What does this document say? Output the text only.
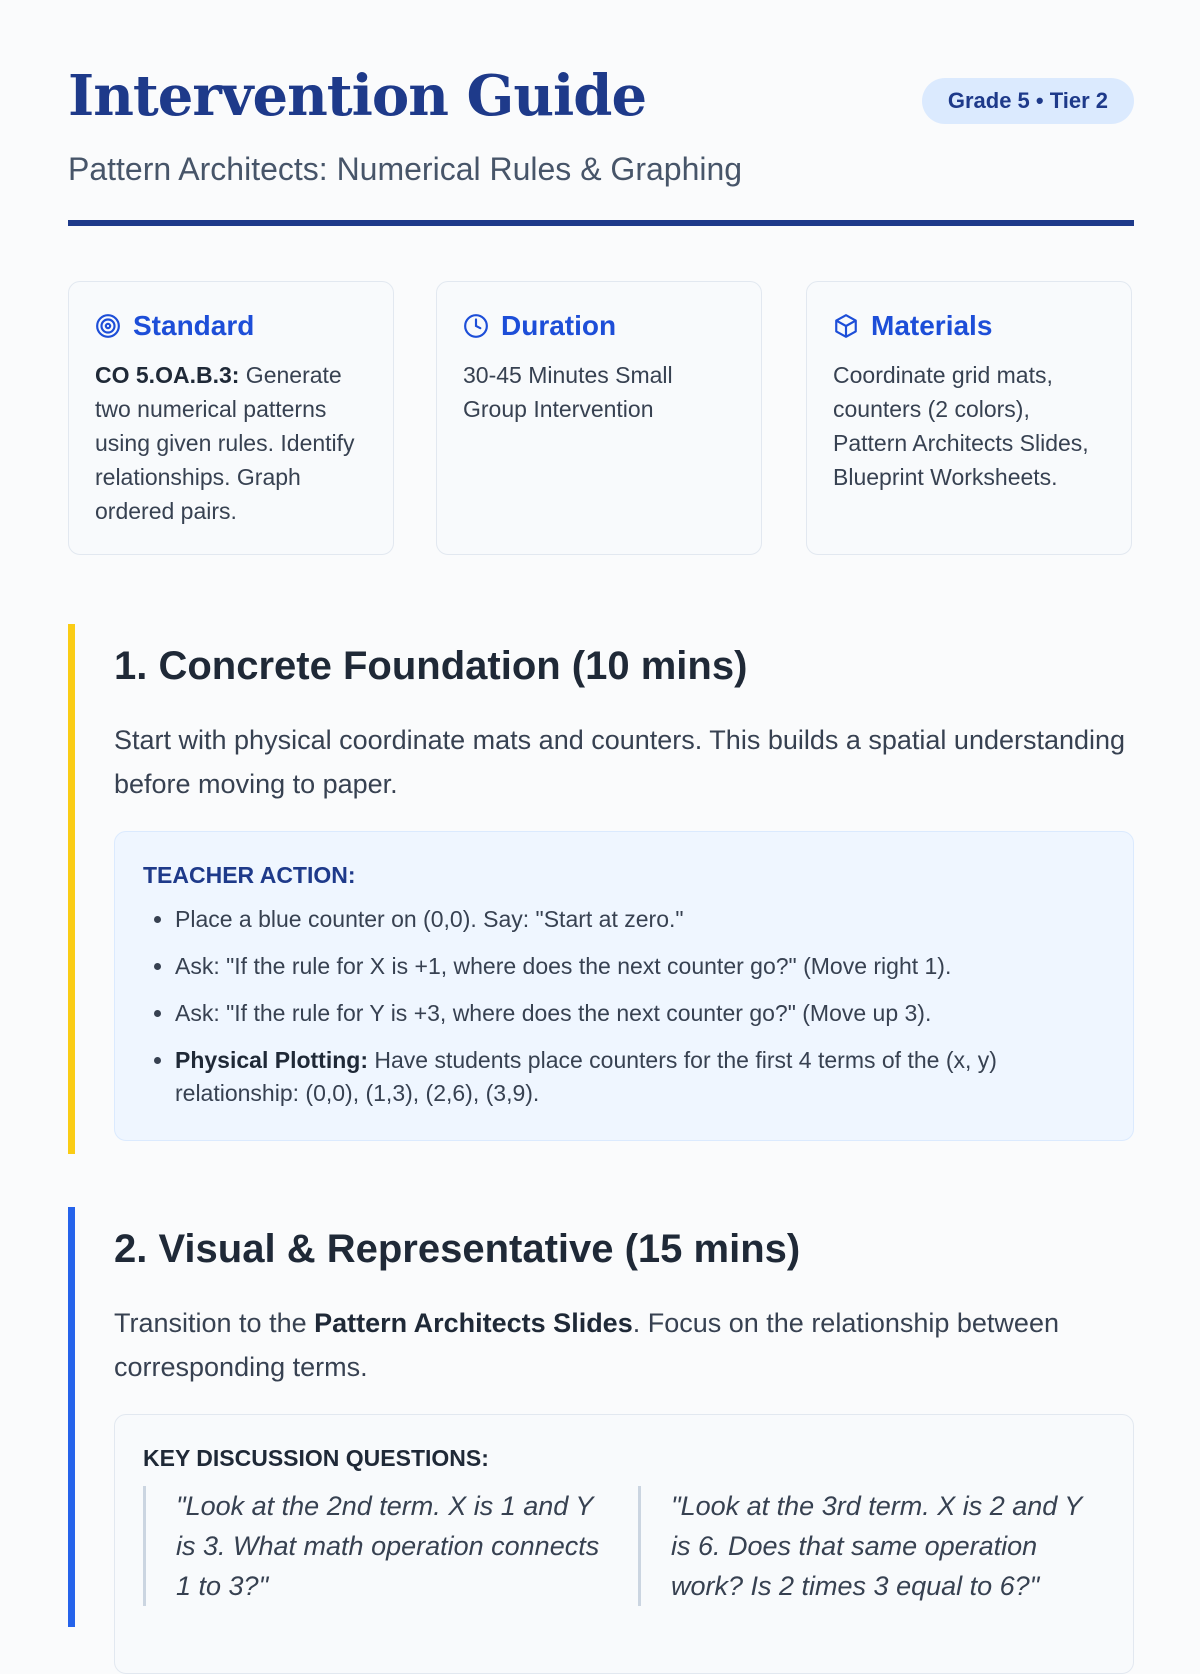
Intervention Guide	Grade 5 • Tier 2

Pattern Architects: Numerical Rules & Graphing

Standard
CO 5.OA.B.3: Generate two numerical patterns using given rules. Identify relationships. Graph ordered pairs.
Duration
30-45 Minutes Small Group Intervention
Materials
Coordinate grid mats, counters (2 colors), Pattern Architects Slides, Blueprint Worksheets.
1. Concrete Foundation (10 mins)

Start with physical coordinate mats and counters. This builds a spatial understanding before moving to paper.

TEACHER ACTION:
• Place a blue counter on (0,0). Say: "Start at zero."
• Ask: "If the rule for X is +1, where does the next counter go?" (Move right 1).
• Ask: "If the rule for Y is +3, where does the next counter go?" (Move up 3).
• Physical Plotting: Have students place counters for the first 4 terms of the (x, y) relationship: (0,0), (1,3), (2,6), (3,9).
2. Visual & Representative (15 mins)

Transition to the Pattern Architects Slides. Focus on the relationship between corresponding terms.

KEY DISCUSSION QUESTIONS:
"Look at the 2nd term. X is 1 and Y is 3. What math operation connects 1 to 3?"
"Look at the 3rd term. X is 2 and Y is 6. Does that same operation work? Is 2 times 3 equal to 6?"
